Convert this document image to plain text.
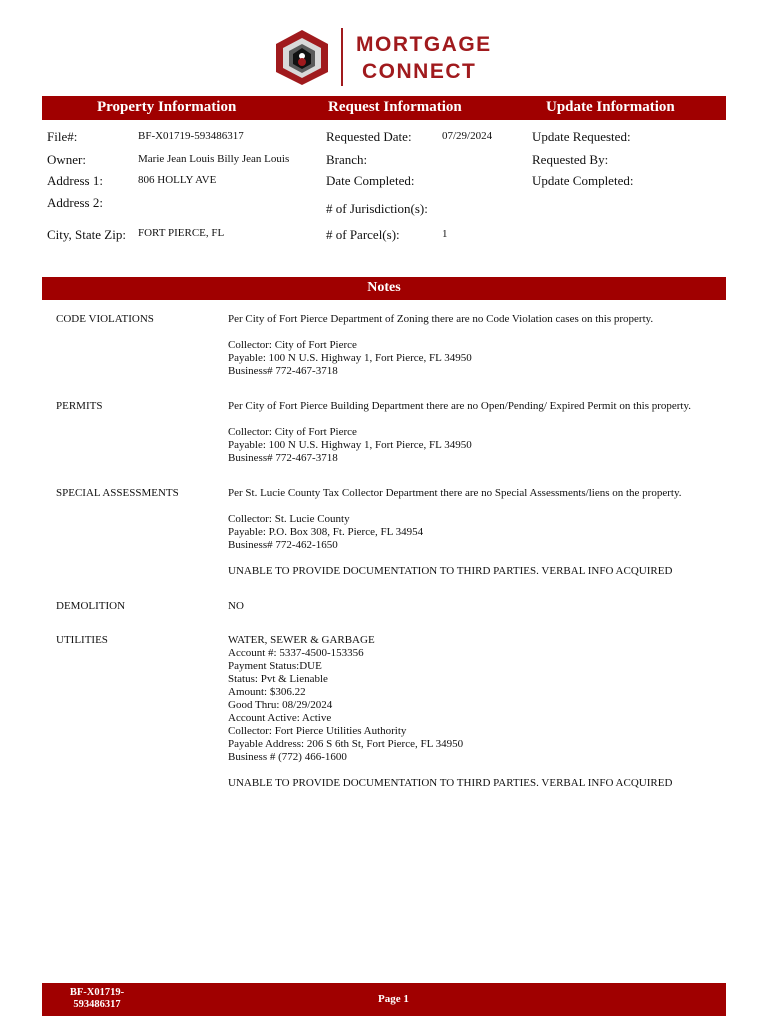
MORTGAGE
CONNECT
Property Information	Request Information	Update Information
File#:	BF-X01719-593486317
Owner:	Marie Jean Louis Billy Jean Louis
Address 1:	806 HOLLY AVE
Address 2:
City, State Zip: FORT PIERCE, FL
Requested Date:	07/29/2024
Branch:
Date Completed:
# of Jurisdiction(s):
# of Parcel(s):	1
Update Requested:
Requested By:
Update Completed:
Notes
CODE VIOLATIONS	Per City of Fort Pierce Department of Zoning there are no Code Violation cases on this property.

Collector: City of Fort Pierce
Payable: 100 N U.S. Highway 1, Fort Pierce, FL 34950
Business# 772-467-3718
PERMITS	Per City of Fort Pierce Building Department there are no Open/Pending/ Expired Permit on this property.

Collector: City of Fort Pierce
Payable: 100 N U.S. Highway 1, Fort Pierce, FL 34950
Business# 772-467-3718
SPECIAL ASSESSMENTS	Per St. Lucie County Tax Collector Department there are no Special Assessments/liens on the property.

Collector: St. Lucie County
Payable: P.O. Box 308, Ft. Pierce, FL 34954
Business# 772-462-1650

UNABLE TO PROVIDE DOCUMENTATION TO THIRD PARTIES. VERBAL INFO ACQUIRED
DEMOLITION	NO
UTILITIES	WATER, SEWER & GARBAGE
Account #: 5337-4500-153356
Payment Status:DUE
Status: Pvt & Lienable
Amount: $306.22
Good Thru: 08/29/2024
Account Active: Active
Collector: Fort Pierce Utilities Authority
Payable Address: 206 S 6th St, Fort Pierce, FL 34950
Business # (772) 466-1600

UNABLE TO PROVIDE DOCUMENTATION TO THIRD PARTIES. VERBAL INFO ACQUIRED
BF-X01719-
593486317	Page 1
